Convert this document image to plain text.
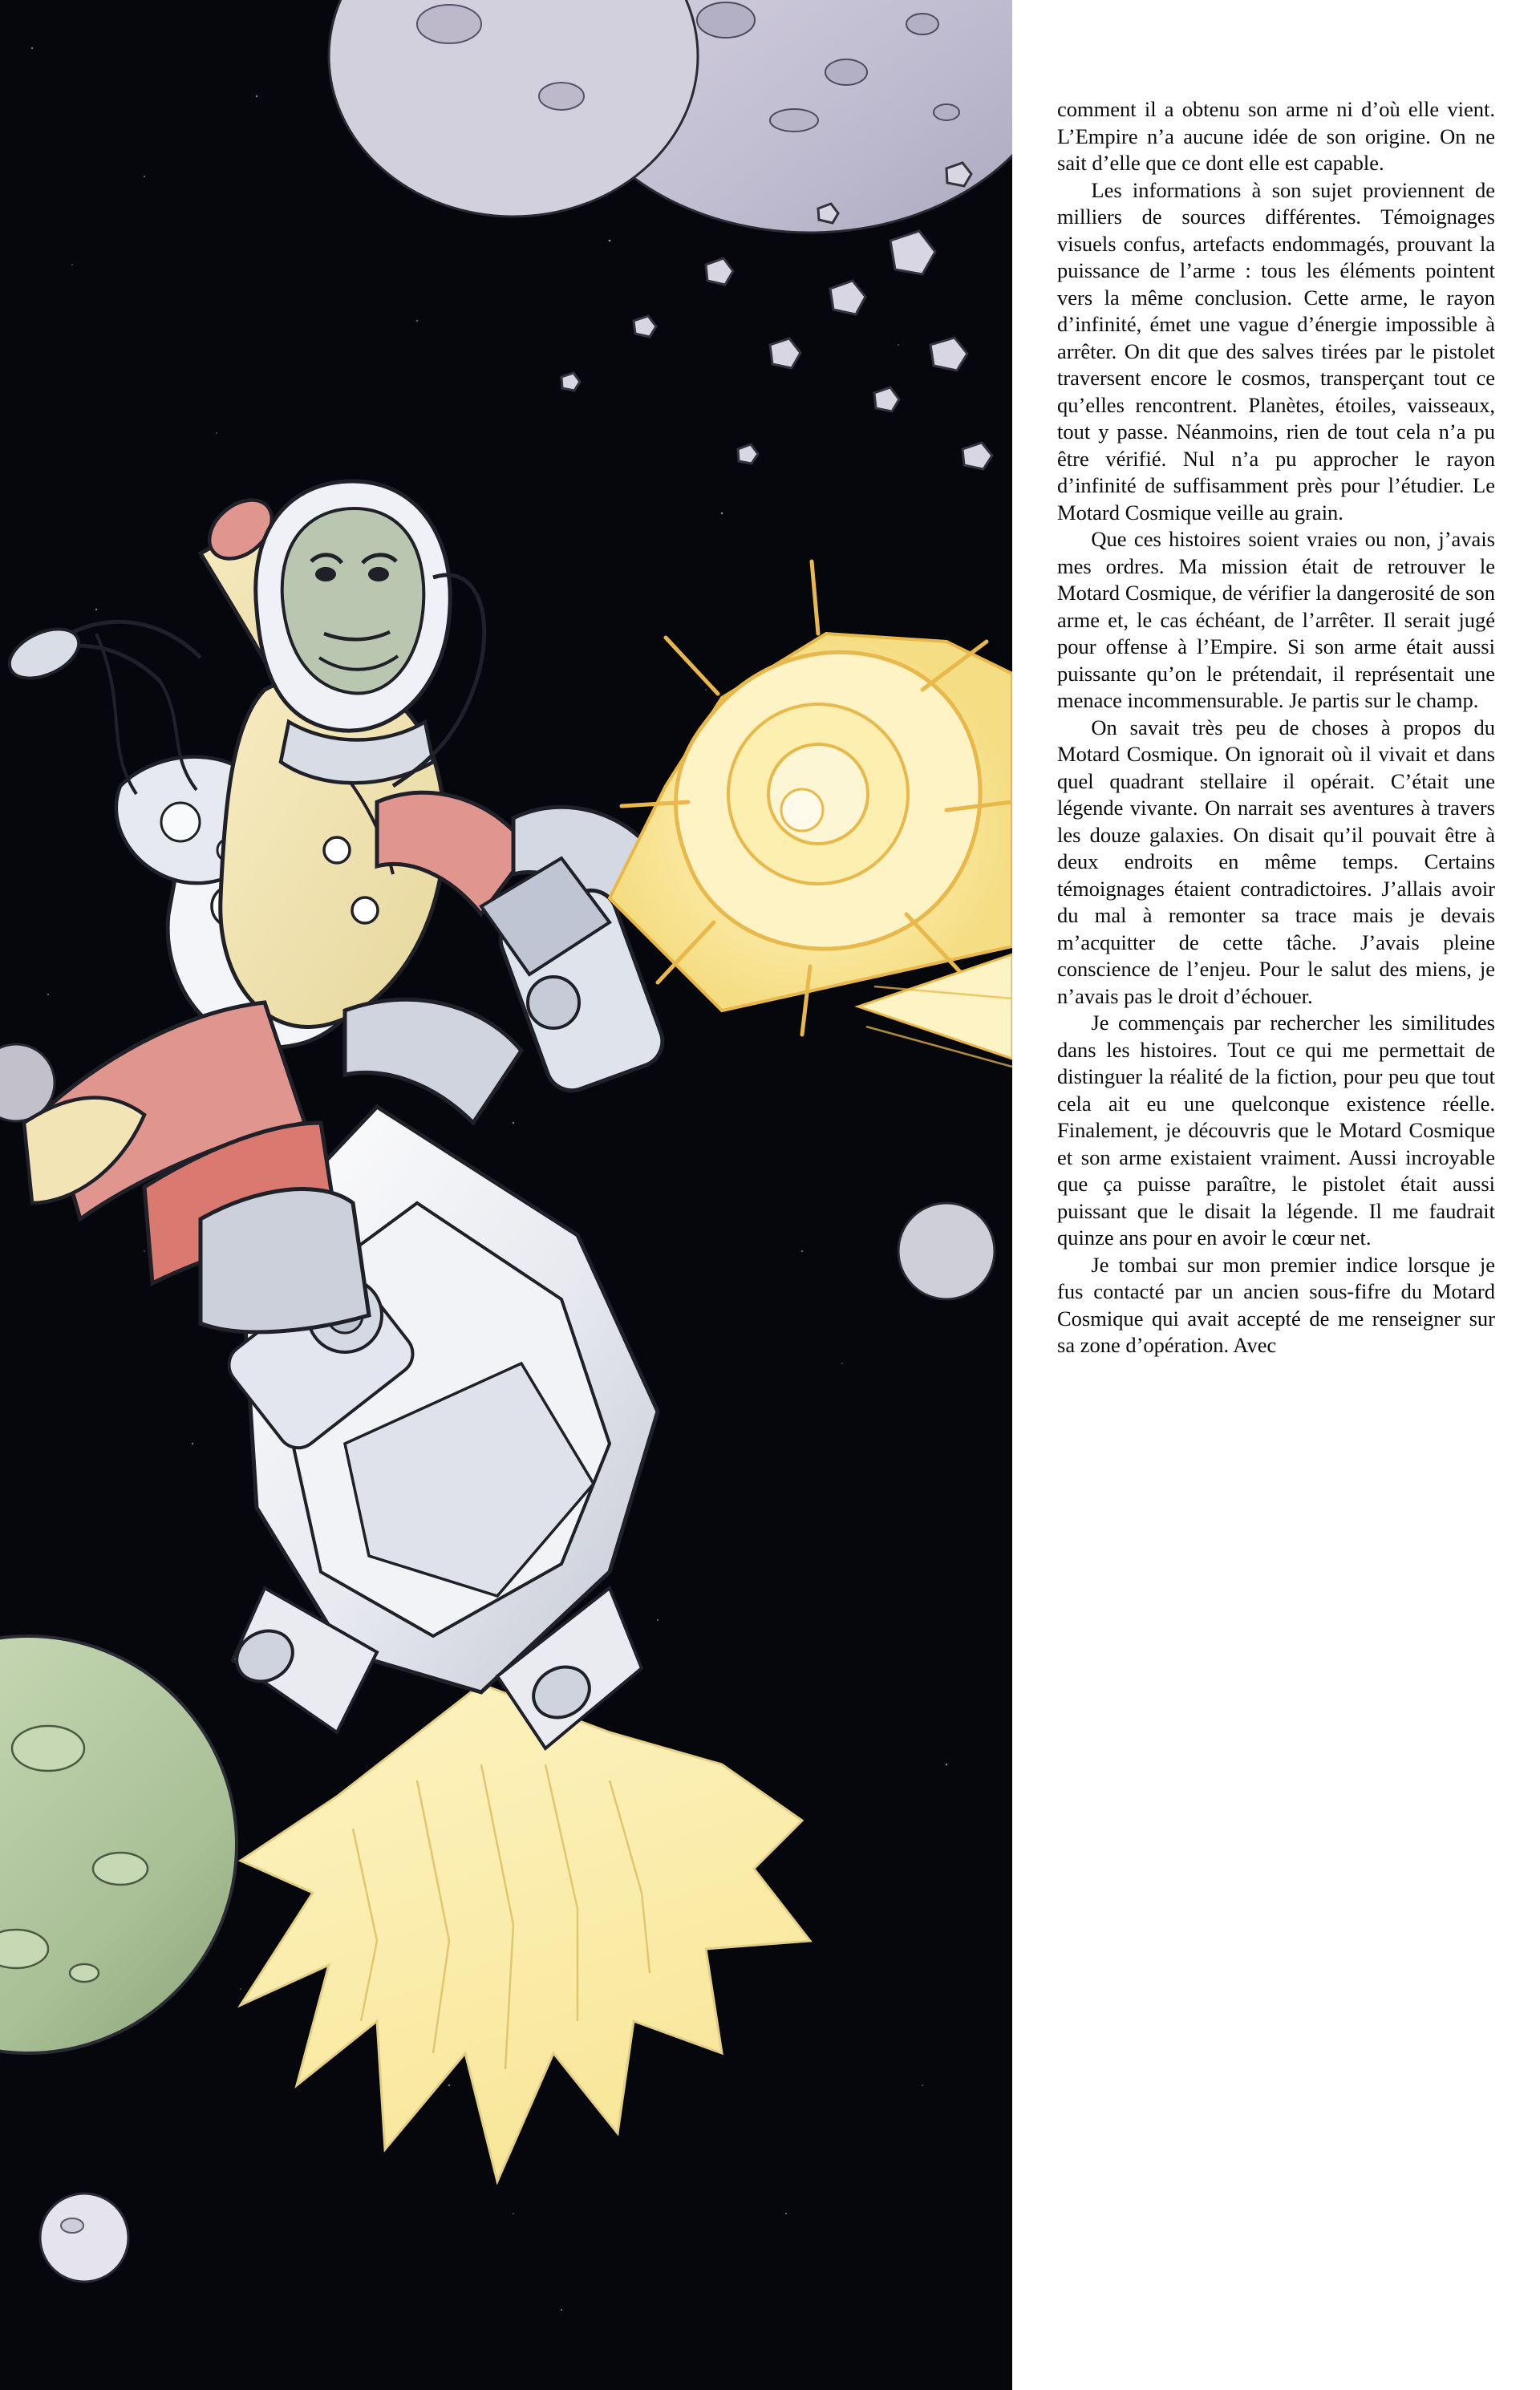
comment il a obtenu son arme ni d’où elle vient. L’Empire n’a aucune idée de son origine. On ne sait d’elle que ce dont elle est capable.

Les informations à son sujet proviennent de milliers de sources différentes. Témoignages visuels confus, artefacts endommagés, prouvant la puissance de l’arme : tous les éléments pointent vers la même conclusion. Cette arme, le rayon d’infinité, émet une vague d’énergie impossible à arrêter. On dit que des salves tirées par le pistolet traversent encore le cosmos, transperçant tout ce qu’elles rencontrent. Planètes, étoiles, vaisseaux, tout y passe. Néanmoins, rien de tout cela n’a pu être vérifié. Nul n’a pu approcher le rayon d’infinité de suffisamment près pour l’étudier. Le Motard Cosmique veille au grain.

Que ces histoires soient vraies ou non, j’avais mes ordres. Ma mission était de retrouver le Motard Cosmique, de vérifier la dangerosité de son arme et, le cas échéant, de l’arrêter. Il serait jugé pour offense à l’Empire. Si son arme était aussi puissante qu’on le prétendait, il représentait une menace incommensurable. Je partis sur le champ.

On savait très peu de choses à propos du Motard Cosmique. On ignorait où il vivait et dans quel quadrant stellaire il opérait. C’était une légende vivante. On narrait ses aventures à travers les douze galaxies. On disait qu’il pouvait être à deux endroits en même temps. Certains témoignages étaient contradictoires. J’allais avoir du mal à remonter sa trace mais je devais m’acquitter de cette tâche. J’avais pleine conscience de l’enjeu. Pour le salut des miens, je n’avais pas le droit d’échouer.

Je commençais par rechercher les similitudes dans les histoires. Tout ce qui me permettait de distinguer la réalité de la fiction, pour peu que tout cela ait eu une quelconque existence réelle. Finalement, je découvris que le Motard Cosmique et son arme existaient vraiment. Aussi incroyable que ça puisse paraître, le pistolet était aussi puissant que le disait la légende. Il me faudrait quinze ans pour en avoir le cœur net.

Je tombai sur mon premier indice lorsque je fus contacté par un ancien sous-fifre du Motard Cosmique qui avait accepté de me renseigner sur sa zone d’opération. Avec
